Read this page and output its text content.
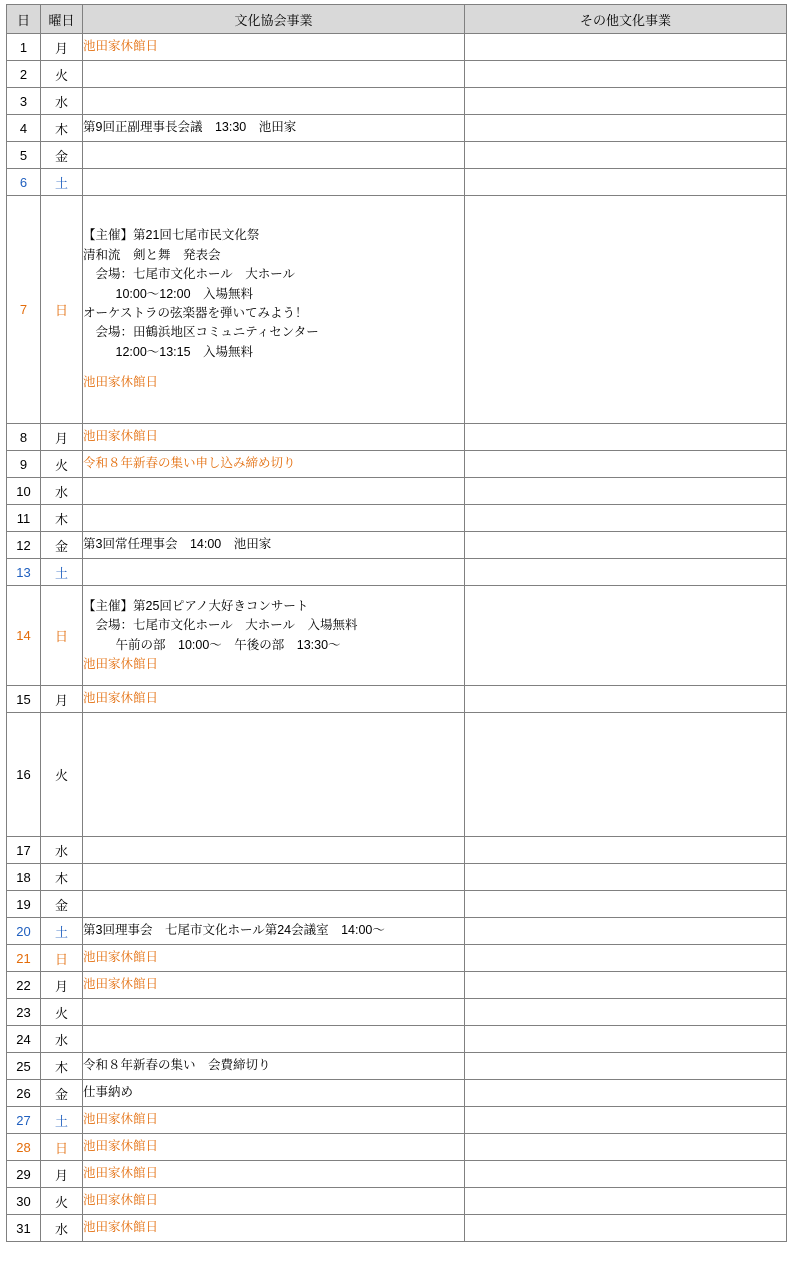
日	曜日	文化協会事業	その他文化事業
1	月	池田家休館日	

2	火		
3	水		
4	木	第9回正副理事長会議　13:30　池田家	

5	金		
6	土		
7	日	
【主催】第21回七尾市民文化祭
清和流　剣と舞　発表会
会場：七尾市文化ホール　大ホール
10:00〜12:00　入場無料
オーケストラの弦楽器を弾いてみよう！
会場：田鶴浜地区コミュニティセンター
12:00〜13:15　入場無料

池田家休館日

8	月	池田家休館日	

9	火	令和８年新春の集い申し込み締め切り	

10	水		
11	木		
12	金	第3回常任理事会　14:00　池田家	

13	土		
14	日	【主催】第25回ピアノ大好きコンサート
会場：七尾市文化ホール　大ホール　入場無料
午前の部　10:00〜　午後の部　13:30〜
池田家休館日	

15	月	池田家休館日	

16	火		
17	水		
18	木		
19	金		
20	土	第3回理事会　七尾市文化ホール第24会議室　14:00〜	

21	日	池田家休館日	

22	月	池田家休館日	

23	火		
24	水		
25	木	令和８年新春の集い　会費締切り	

26	金	仕事納め	

27	土	池田家休館日	

28	日	池田家休館日	

29	月	池田家休館日	

30	火	池田家休館日	

31	水	池田家休館日	
